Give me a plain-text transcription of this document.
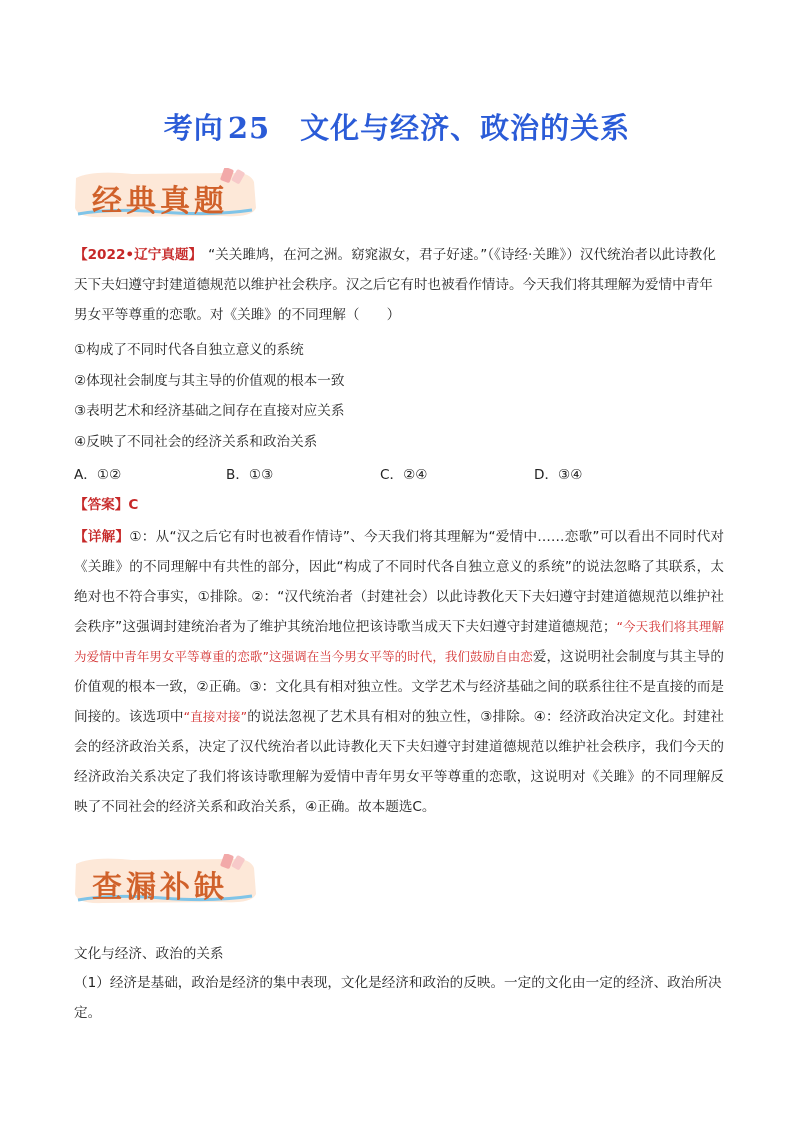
考向 25 文化与经济、政治的关系
经典真题

【2022•辽宁真题】 “关关雎鸠，在河之洲。窈窕淑女，君子好逑。”（《诗经·关雎》）汉代统治者以此诗教化天下夫妇遵守封建道德规范以维护社会秩序。汉之后它有时也被看作情诗。今天我们将其理解为爱情中青年男女平等尊重的恋歌。对《关雎》的不同理解（　　）

①构成了不同时代各自独立意义的系统
②体现社会制度与其主导的价值观的根本一致
③表明艺术和经济基础之间存在直接对应关系
④反映了不同社会的经济关系和政治关系
A．①②	B．①③	C．②④	D．③④
【答案】C

【详解】①：从“汉之后它有时也被看作情诗”、今天我们将其理解为“爱情中……恋歌”可以看出不同时代对《关雎》的不同理解中有共性的部分，因此“构成了不同时代各自独立意义的系统”的说法忽略了其联系，太绝对也不符合事实，①排除。②：“汉代统治者（封建社会）以此诗教化天下夫妇遵守封建道德规范以维护社会秩序”这强调封建统治者为了维护其统治地位把该诗歌当成天下夫妇遵守封建道德规范；“今天我们将其理解为爱情中青年男女平等尊重的恋歌”这强调在当今男女平等的时代，我们鼓励自由恋爱，这说明社会制度与其主导的价值观的根本一致，②正确。③：文化具有相对独立性。文学艺术与经济基础之间的联系往往不是直接的而是间接的。该选项中“直接对接”的说法忽视了艺术具有相对的独立性，③排除。④：经济政治决定文化。封建社会的经济政治关系，决定了汉代统治者以此诗教化天下夫妇遵守封建道德规范以维护社会秩序，我们今天的经济政治关系决定了我们将该诗歌理解为爱情中青年男女平等尊重的恋歌，这说明对《关雎》的不同理解反映了不同社会的经济关系和政治关系，④正确。故本题选C。

查漏补缺
文化与经济、政治的关系

（1）经济是基础，政治是经济的集中表现，文化是经济和政治的反映。一定的文化由一定的经济、政治所决定。
